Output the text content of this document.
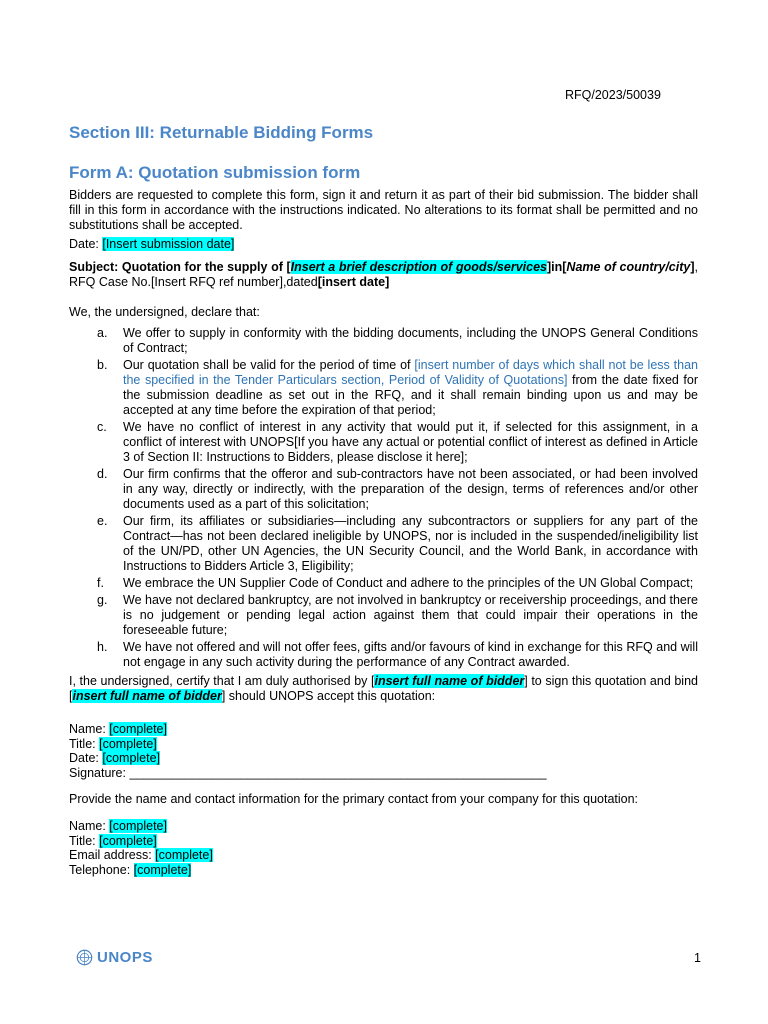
RFQ/2023/50039
Section III: Returnable Bidding Forms
Form A: Quotation submission form

Bidders are requested to complete this form, sign it and return it as part of their bid submission. The bidder shall fill in this form in accordance with the instructions indicated. No alterations to its format shall be permitted and no substitutions shall be accepted.

Date: [Insert submission date]

Subject: Quotation for the supply of [Insert a brief description of goods/services]in[Name of country/city], RFQ Case No.[Insert RFQ ref number],dated[insert date]

We, the undersigned, declare that:

a. We offer to supply in conformity with the bidding documents, including the UNOPS General Conditions of Contract;
b. Our quotation shall be valid for the period of time of [insert number of days which shall not be less than the specified in the Tender Particulars section, Period of Validity of Quotations] from the date fixed for the submission deadline as set out in the RFQ, and it shall remain binding upon us and may be accepted at any time before the expiration of that period;
c. We have no conflict of interest in any activity that would put it, if selected for this assignment, in a conflict of interest with UNOPS[If you have any actual or potential conflict of interest as defined in Article 3 of Section II: Instructions to Bidders, please disclose it here];
d. Our firm confirms that the offeror and sub-contractors have not been associated, or had been involved in any way, directly or indirectly, with the preparation of the design, terms of references and/or other documents used as a part of this solicitation;
e. Our firm, its affiliates or subsidiaries—including any subcontractors or suppliers for any part of the Contract—has not been declared ineligible by UNOPS, nor is included in the suspended/ineligibility list of the UN/PD, other UN Agencies, the UN Security Council, and the World Bank, in accordance with Instructions to Bidders Article 3, Eligibility;
f. We embrace the UN Supplier Code of Conduct and adhere to the principles of the UN Global Compact;
g. We have not declared bankruptcy, are not involved in bankruptcy or receivership proceedings, and there is no judgement or pending legal action against them that could impair their operations in the foreseeable future;
h. We have not offered and will not offer fees, gifts and/or favours of kind in exchange for this RFQ and will not engage in any such activity during the performance of any Contract awarded.

I, the undersigned, certify that I am duly authorised by [insert full name of bidder] to sign this quotation and bind [insert full name of bidder] should UNOPS accept this quotation:

Name: [complete]

Title: [complete]

Date: [complete]

Signature: ____________________________________________________________

Provide the name and contact information for the primary contact from your company for this quotation:

Name: [complete]

Title: [complete]

Email address: [complete]

Telephone: [complete]

UNOPS	1
